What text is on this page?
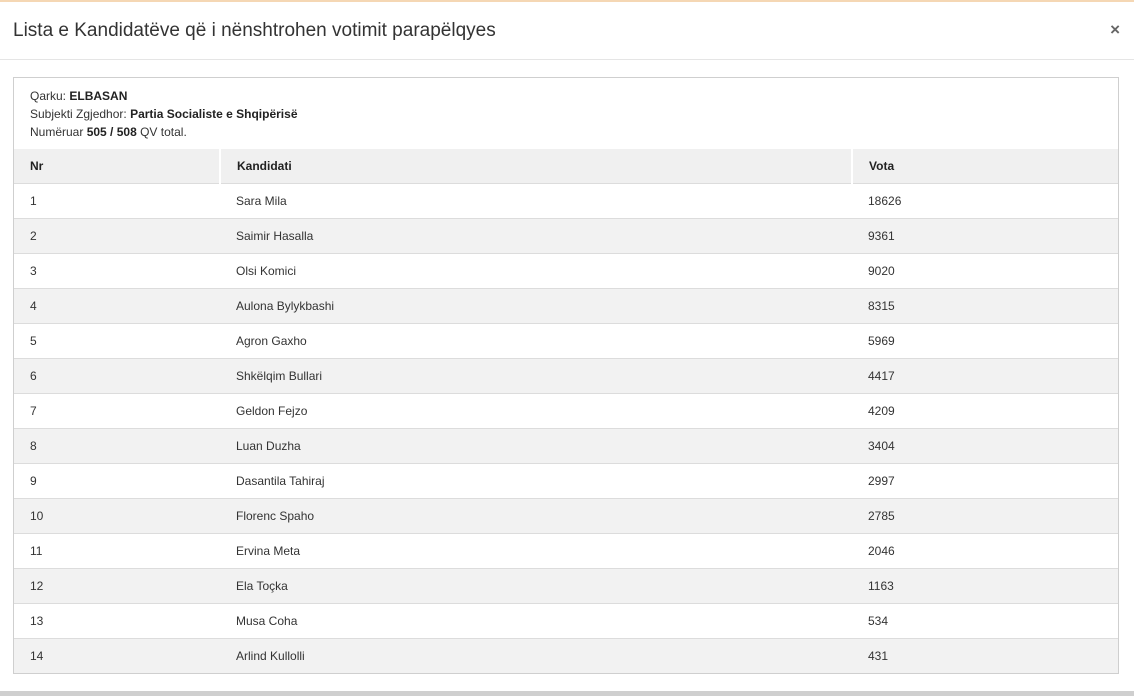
Lista e Kandidatëve që i nënshtrohen votimit parapëlqyes	×
Qarku: ELBASAN
Subjekti Zgjedhor: Partia Socialiste e Shqipërisë
Numëruar 505 / 508 QV total.
Nr	Kandidati	Vota
1	Sara Mila	18626
2	Saimir Hasalla	9361
3	Olsi Komici	9020
4	Aulona Bylykbashi	8315
5	Agron Gaxho	5969
6	Shkëlqim Bullari	4417
7	Geldon Fejzo	4209
8	Luan Duzha	3404
9	Dasantila Tahiraj	2997
10	Florenc Spaho	2785
11	Ervina Meta	2046
12	Ela Toçka	1163
13	Musa Coha	534
14	Arlind Kullolli	431
